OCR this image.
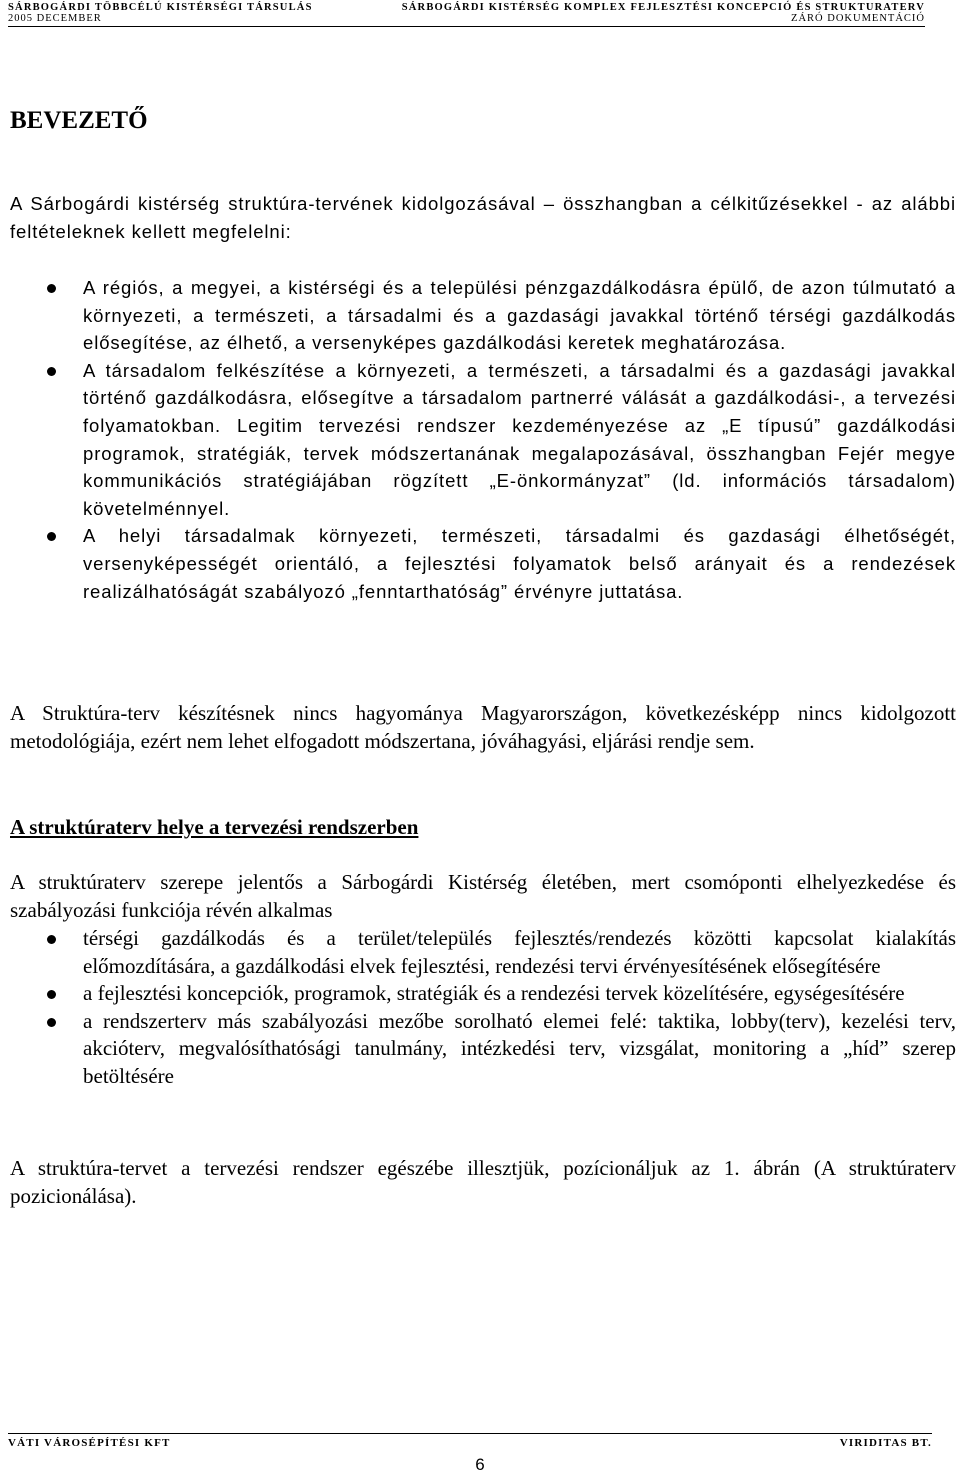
SÁRBOGÁRDI TÖBBCÉLÚ KISTÉRSÉGI TÁRSULÁS	SÁRBOGÁRDI KISTÉRSÉG KOMPLEX FEJLESZTÉSI KONCEPCIÓ ÉS STRUKTURATERV
2005 DECEMBER	ZÁRÓ DOKUMENTÁCIÓ
BEVEZETŐ

A Sárbogárdi kistérség struktúra-tervének kidolgozásával – összhangban a célkitűzésekkel - az alábbi feltételeknek kellett megfelelni:

A régiós, a megyei, a kistérségi és a települési pénzgazdálkodásra épülő, de azon túlmutató a környezeti, a természeti, a társadalmi és a gazdasági javakkal történő térségi gazdálkodás elősegítése, az élhető, a versenyképes gazdálkodási keretek meghatározása.
A társadalom felkészítése a környezeti, a természeti, a társadalmi és a gazdasági javakkal történő gazdálkodásra, elősegítve a társadalom partnerré válását a gazdálkodási-, a tervezési folyamatokban. Legitim tervezési rendszer kezdeményezése az „E típusú” gazdálkodási programok, stratégiák, tervek módszertanának megalapozásával, összhangban Fejér megye kommunikációs stratégiájában rögzített „E-önkormányzat” (ld. információs társadalom) követelménnyel.
A helyi társadalmak környezeti, természeti, társadalmi és gazdasági élhetőségét, versenyképességét orientáló, a fejlesztési folyamatok belső arányait és a rendezések realizálhatóságát szabályozó „fenntarthatóság” érvényre juttatása.

A Struktúra-terv készítésnek nincs hagyománya Magyarországon, következésképp nincs kidolgozott metodológiája, ezért nem lehet elfogadott módszertana, jóváhagyási, eljárási rendje sem.

A struktúraterv helye a tervezési rendszerben

A struktúraterv szerepe jelentős a Sárbogárdi Kistérség életében, mert csomóponti elhelyezkedése és szabályozási funkciója révén alkalmas

térségi gazdálkodás és a terület/település fejlesztés/rendezés közötti kapcsolat kialakítás előmozdítására, a gazdálkodási elvek fejlesztési, rendezési tervi érvényesítésének elősegítésére
a fejlesztési koncepciók, programok, stratégiák és a rendezési tervek közelítésére, egységesítésére
a rendszerterv más szabályozási mezőbe sorolható elemei felé: taktika, lobby(terv), kezelési terv, akcióterv, megvalósíthatósági tanulmány, intézkedési terv, vizsgálat, monitoring a „híd” szerep betöltésére

A struktúra-tervet a tervezési rendszer egészébe illesztjük, pozícionáljuk az 1. ábrán (A struktúraterv pozicionálása).

VÁTI VÁROSÉPÍTÉSI KFT	VIRIDITAS BT.
6
